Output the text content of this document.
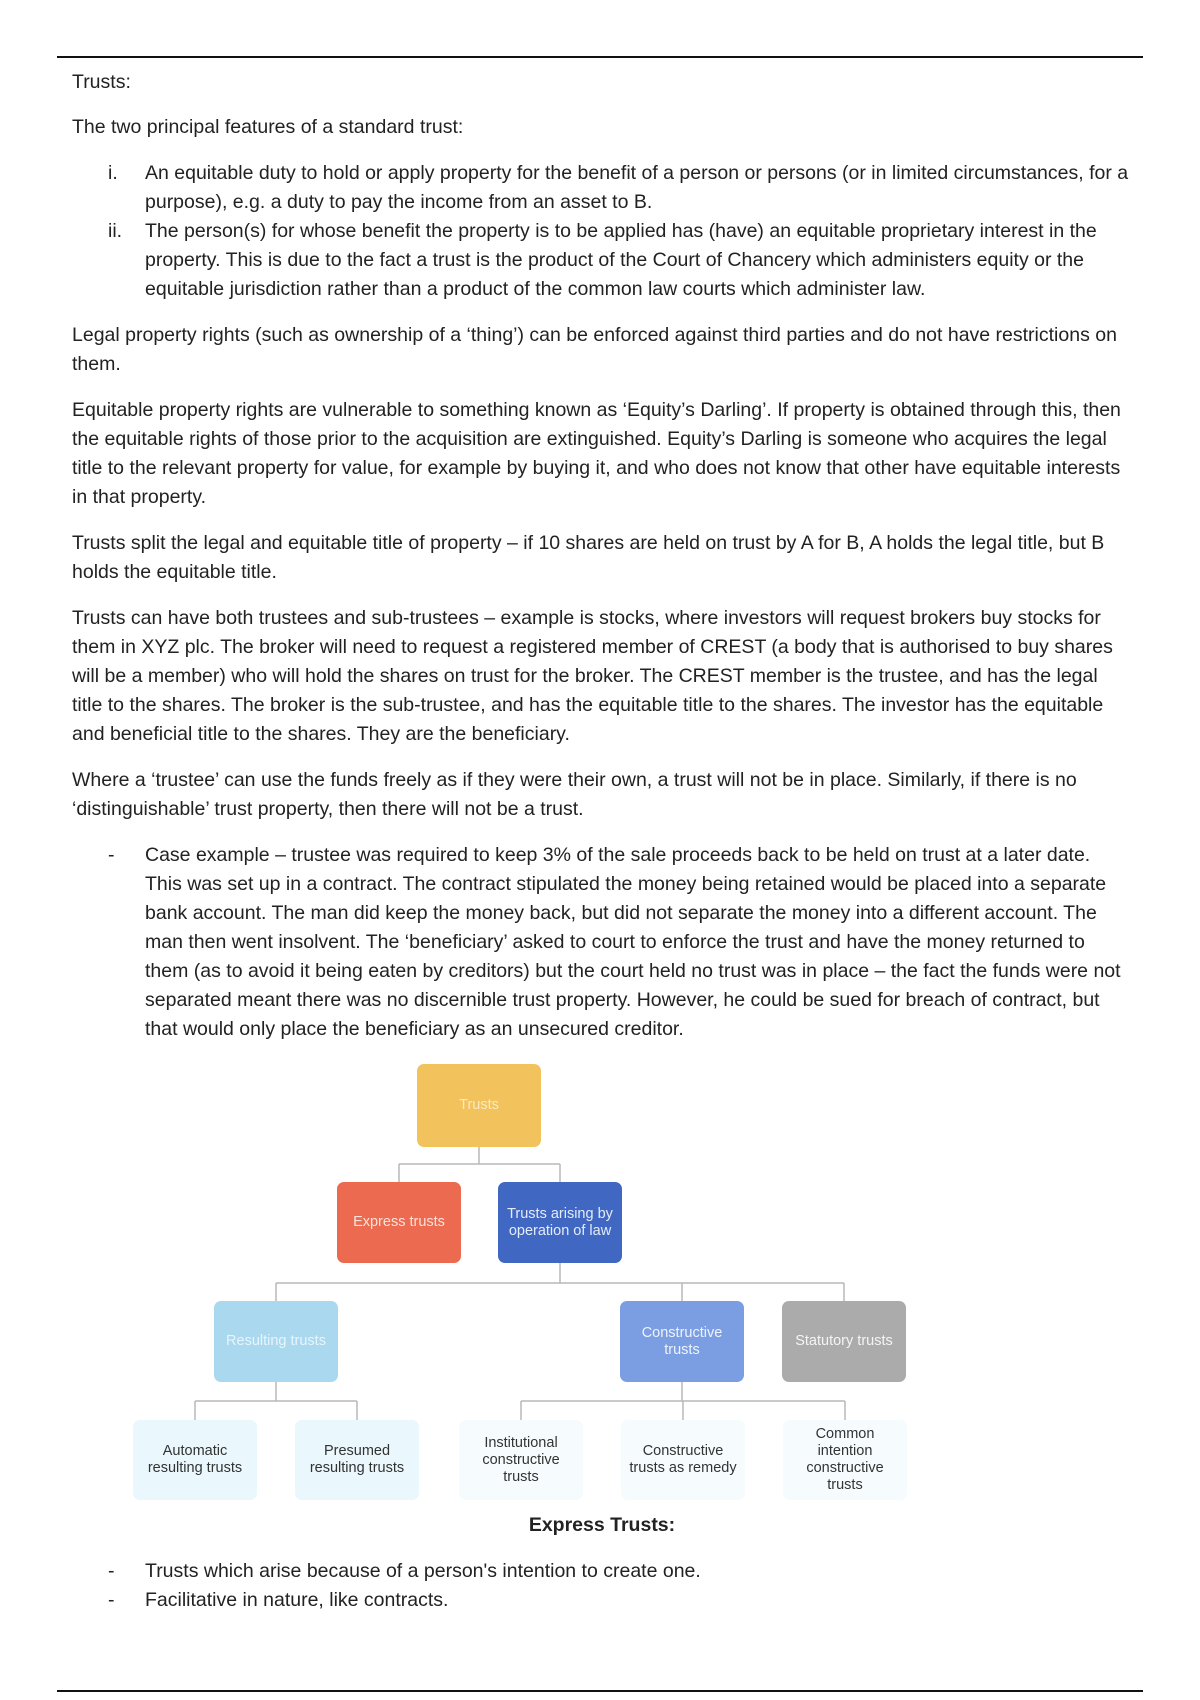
Trusts:

The two principal features of a standard trust:

i. An equitable duty to hold or apply property for the benefit of a person or persons (or in limited circumstances, for a purpose), e.g. a duty to pay the income from an asset to B.
ii. The person(s) for whose benefit the property is to be applied has (have) an equitable proprietary interest in the property. This is due to the fact a trust is the product of the Court of Chancery which administers equity or the equitable jurisdiction rather than a product of the common law courts which administer law.

Legal property rights (such as ownership of a ‘thing’) can be enforced against third parties and do not have restrictions on them.

Equitable property rights are vulnerable to something known as ‘Equity’s Darling’. If property is obtained through this, then the equitable rights of those prior to the acquisition are extinguished. Equity’s Darling is someone who acquires the legal title to the relevant property for value, for example by buying it, and who does not know that other have equitable interests in that property.

Trusts split the legal and equitable title of property – if 10 shares are held on trust by A for B, A holds the legal title, but B holds the equitable title.

Trusts can have both trustees and sub-trustees – example is stocks, where investors will request brokers buy stocks for them in XYZ plc. The broker will need to request a registered member of CREST (a body that is authorised to buy shares will be a member) who will hold the shares on trust for the broker. The CREST member is the trustee, and has the legal title to the shares. The broker is the sub-trustee, and has the equitable title to the shares. The investor has the equitable and beneficial title to the shares. They are the beneficiary.

Where a ‘trustee’ can use the funds freely as if they were their own, a trust will not be in place. Similarly, if there is no ‘distinguishable’ trust property, then there will not be a trust.

- Case example – trustee was required to keep 3% of the sale proceeds back to be held on trust at a later date. This was set up in a contract. The contract stipulated the money being retained would be placed into a separate bank account. The man did keep the money back, but did not separate the money into a different account. The man then went insolvent. The ‘beneficiary’ asked to court to enforce the trust and have the money returned to them (as to avoid it being eaten by creditors) but the court held no trust was in place – the fact the funds were not separated meant there was no discernible trust property. However, he could be sued for breach of contract, but that would only place the beneficiary as an unsecured creditor.
Trusts
Express trusts
Trusts arising by operation of law
Resulting trusts
Constructive trusts
Statutory trusts
Automatic resulting trusts
Presumed resulting trusts
Institutional constructive trusts
Constructive trusts as remedy
Common intention constructive trusts

Express Trusts:

- Trusts which arise because of a person's intention to create one.
- Facilitative in nature, like contracts.
